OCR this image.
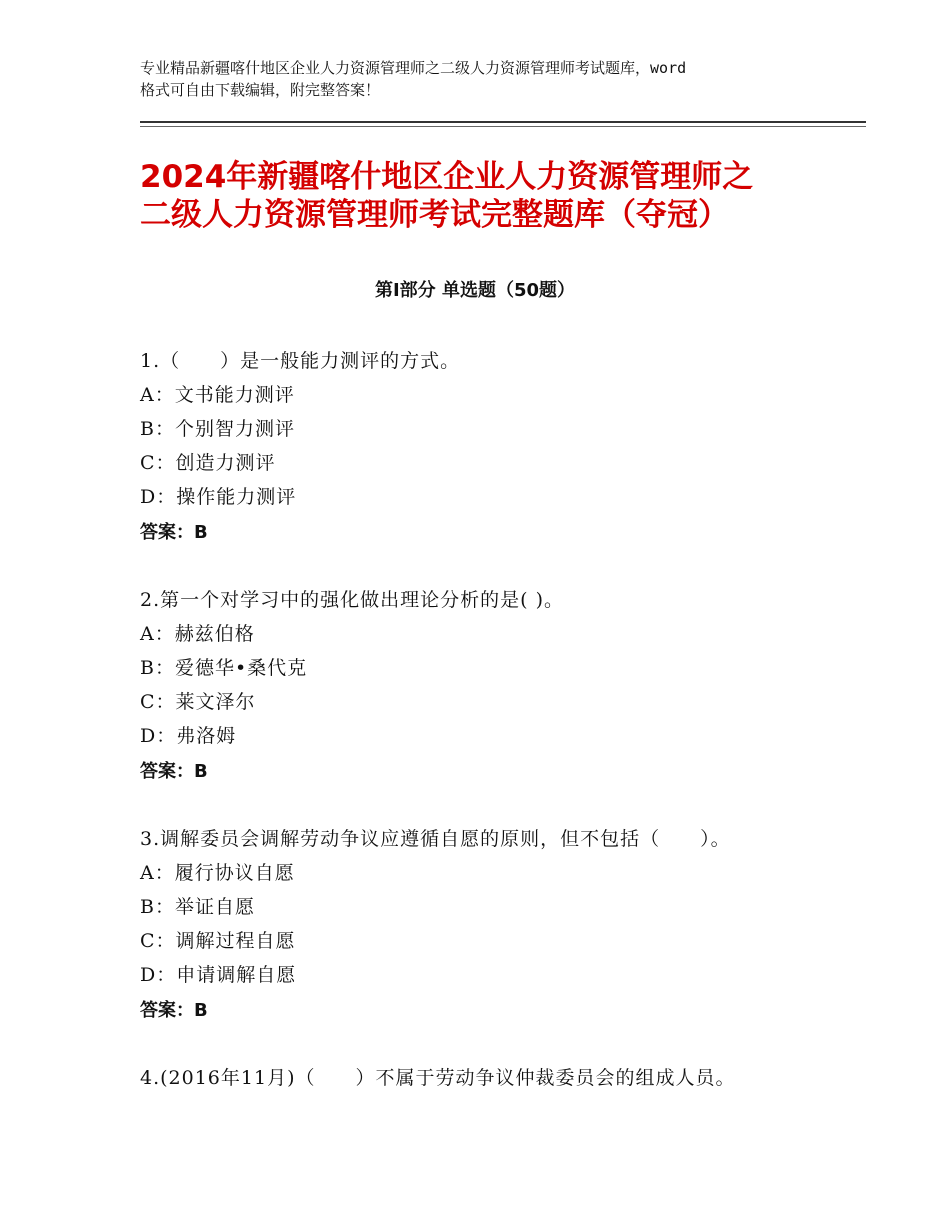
专业精品新疆喀什地区企业人力资源管理师之二级人力资源管理师考试题库，word
格式可自由下载编辑，附完整答案！
2024年新疆喀什地区企业人力资源管理师之
二级人力资源管理师考试完整题库（夺冠）
第Ⅰ部分 单选题（50题）
1.（　　）是一般能力测评的方式。
A：文书能力测评
B：个别智力测评
C：创造力测评
D：操作能力测评
答案：B
2.第一个对学习中的强化做出理论分析的是( )。
A：赫兹伯格
B：爱德华•桑代克
C：莱文泽尔
D：弗洛姆
答案：B
3.调解委员会调解劳动争议应遵循自愿的原则，但不包括（　　）。
A：履行协议自愿
B：举证自愿
C：调解过程自愿
D：申请调解自愿
答案：B
4.(2016年11月)（　　）不属于劳动争议仲裁委员会的组成人员。
